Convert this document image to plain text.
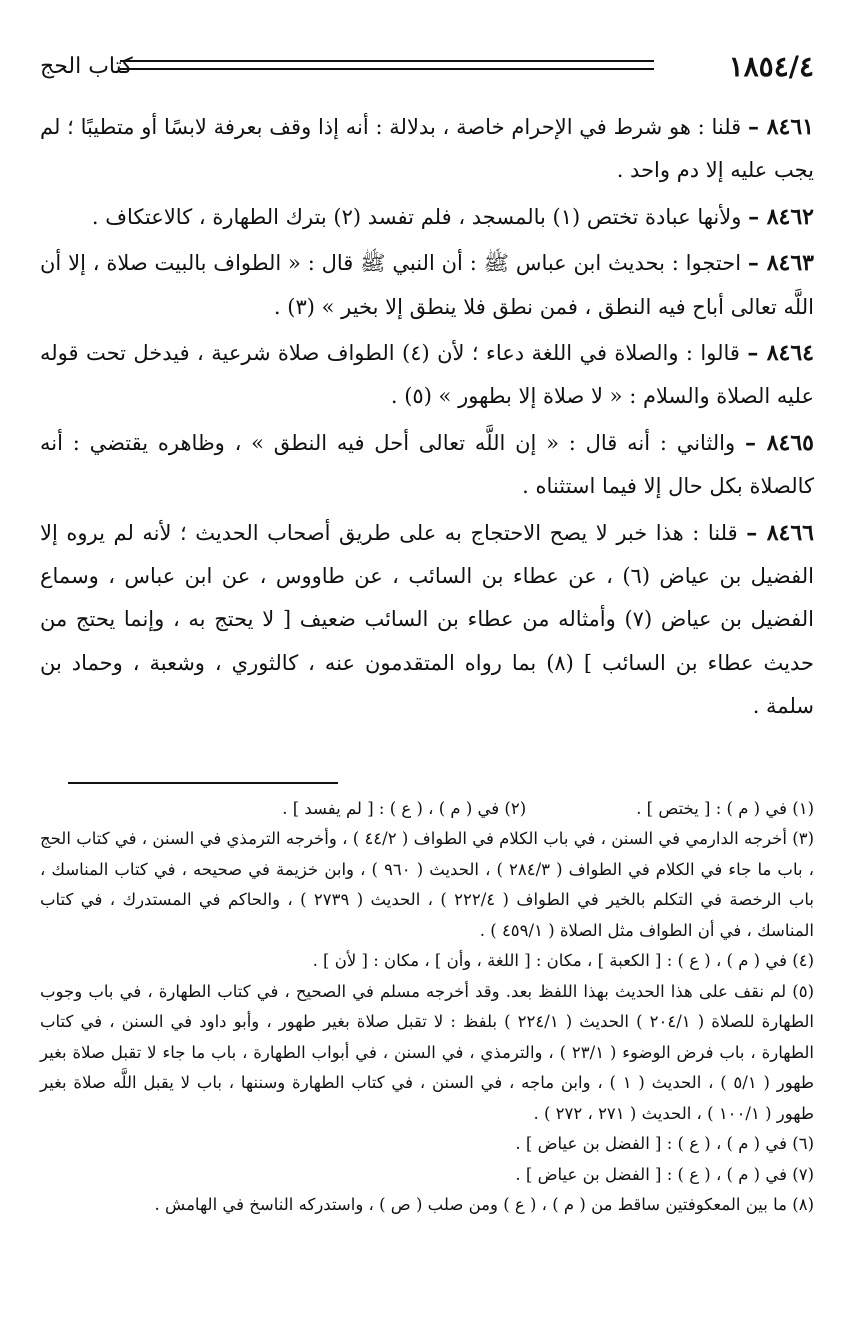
١٨٥٤/٤
كتاب الحج

٨٤٦١ – قلنا : هو شرط في الإحرام خاصة ، بدلالة : أنه إذا وقف بعرفة لابسًا أو متطيبًا ؛ لم يجب عليه إلا دم واحد .

٨٤٦٢ – ولأنها عبادة تختص (١) بالمسجد ، فلم تفسد (٢) بترك الطهارة ، كالاعتكاف .

٨٤٦٣ – احتجوا : بحديث ابن عباس ﷺ : أن النبي ﷺ قال : « الطواف بالبيت صلاة ، إلا أن اللَّه تعالى أباح فيه النطق ، فمن نطق فلا ينطق إلا بخير » (٣) .

٨٤٦٤ – قالوا : والصلاة في اللغة دعاء ؛ لأن (٤) الطواف صلاة شرعية ، فيدخل تحت قوله عليه الصلاة والسلام : « لا صلاة إلا بطهور » (٥) .

٨٤٦٥ – والثاني : أنه قال : « إن اللَّه تعالى أحل فيه النطق » ، وظاهره يقتضي : أنه كالصلاة بكل حال إلا فيما استثناه .

٨٤٦٦ – قلنا : هذا خبر لا يصح الاحتجاج به على طريق أصحاب الحديث ؛ لأنه لم يروه إلا الفضيل بن عياض (٦) ، عن عطاء بن السائب ، عن طاووس ، عن ابن عباس ، وسماع الفضيل بن عياض (٧) وأمثاله من عطاء بن السائب ضعيف [ لا يحتج به ، وإنما يحتج من حديث عطاء بن السائب ] (٨) بما رواه المتقدمون عنه ، كالثوري ، وشعبة ، وحماد بن سلمة .

(١) في ( م ) : [ يختص ] .
(٢) في ( م ) ، ( ع ) : [ لم يفسد ] .

(٣) أخرجه الدارمي في السنن ، في باب الكلام في الطواف ( ٤٤/٢ ) ، وأخرجه الترمذي في السنن ، في كتاب الحج ، باب ما جاء في الكلام في الطواف ( ٢٨٤/٣ ) ، الحديث ( ٩٦٠ ) ، وابن خزيمة في صحيحه ، في كتاب المناسك ، باب الرخصة في التكلم بالخير في الطواف ( ٢٢٢/٤ ) ، الحديث ( ٢٧٣٩ ) ، والحاكم في المستدرك ، في كتاب المناسك ، في أن الطواف مثل الصلاة ( ٤٥٩/١ ) .

(٤) في ( م ) ، ( ع ) : [ الكعبة ] ، مكان : [ اللغة ، وأن ] ، مكان : [ لأن ] .

(٥) لم نقف على هذا الحديث بهذا اللفظ بعد. وقد أخرجه مسلم في الصحيح ، في كتاب الطهارة ، في باب وجوب الطهارة للصلاة ( ٢٠٤/١ ) الحديث ( ٢٢٤/١ ) بلفظ : لا تقبل صلاة بغير طهور ، وأبو داود في السنن ، في كتاب الطهارة ، باب فرض الوضوء ( ٢٣/١ ) ، والترمذي ، في السنن ، في أبواب الطهارة ، باب ما جاء لا تقبل صلاة بغير طهور ( ٥/١ ) ، الحديث ( ١ ) ، وابن ماجه ، في السنن ، في كتاب الطهارة وسننها ، باب لا يقبل اللَّه صلاة بغير طهور ( ١٠٠/١ ) ، الحديث ( ٢٧١ ، ٢٧٢ ) .

(٦) في ( م ) ، ( ع ) : [ الفضل بن عياض ] .

(٧) في ( م ) ، ( ع ) : [ الفضل بن عياض ] .

(٨) ما بين المعكوفتين ساقط من ( م ) ، ( ع ) ومن صلب ( ص ) ، واستدركه الناسخ في الهامش .
